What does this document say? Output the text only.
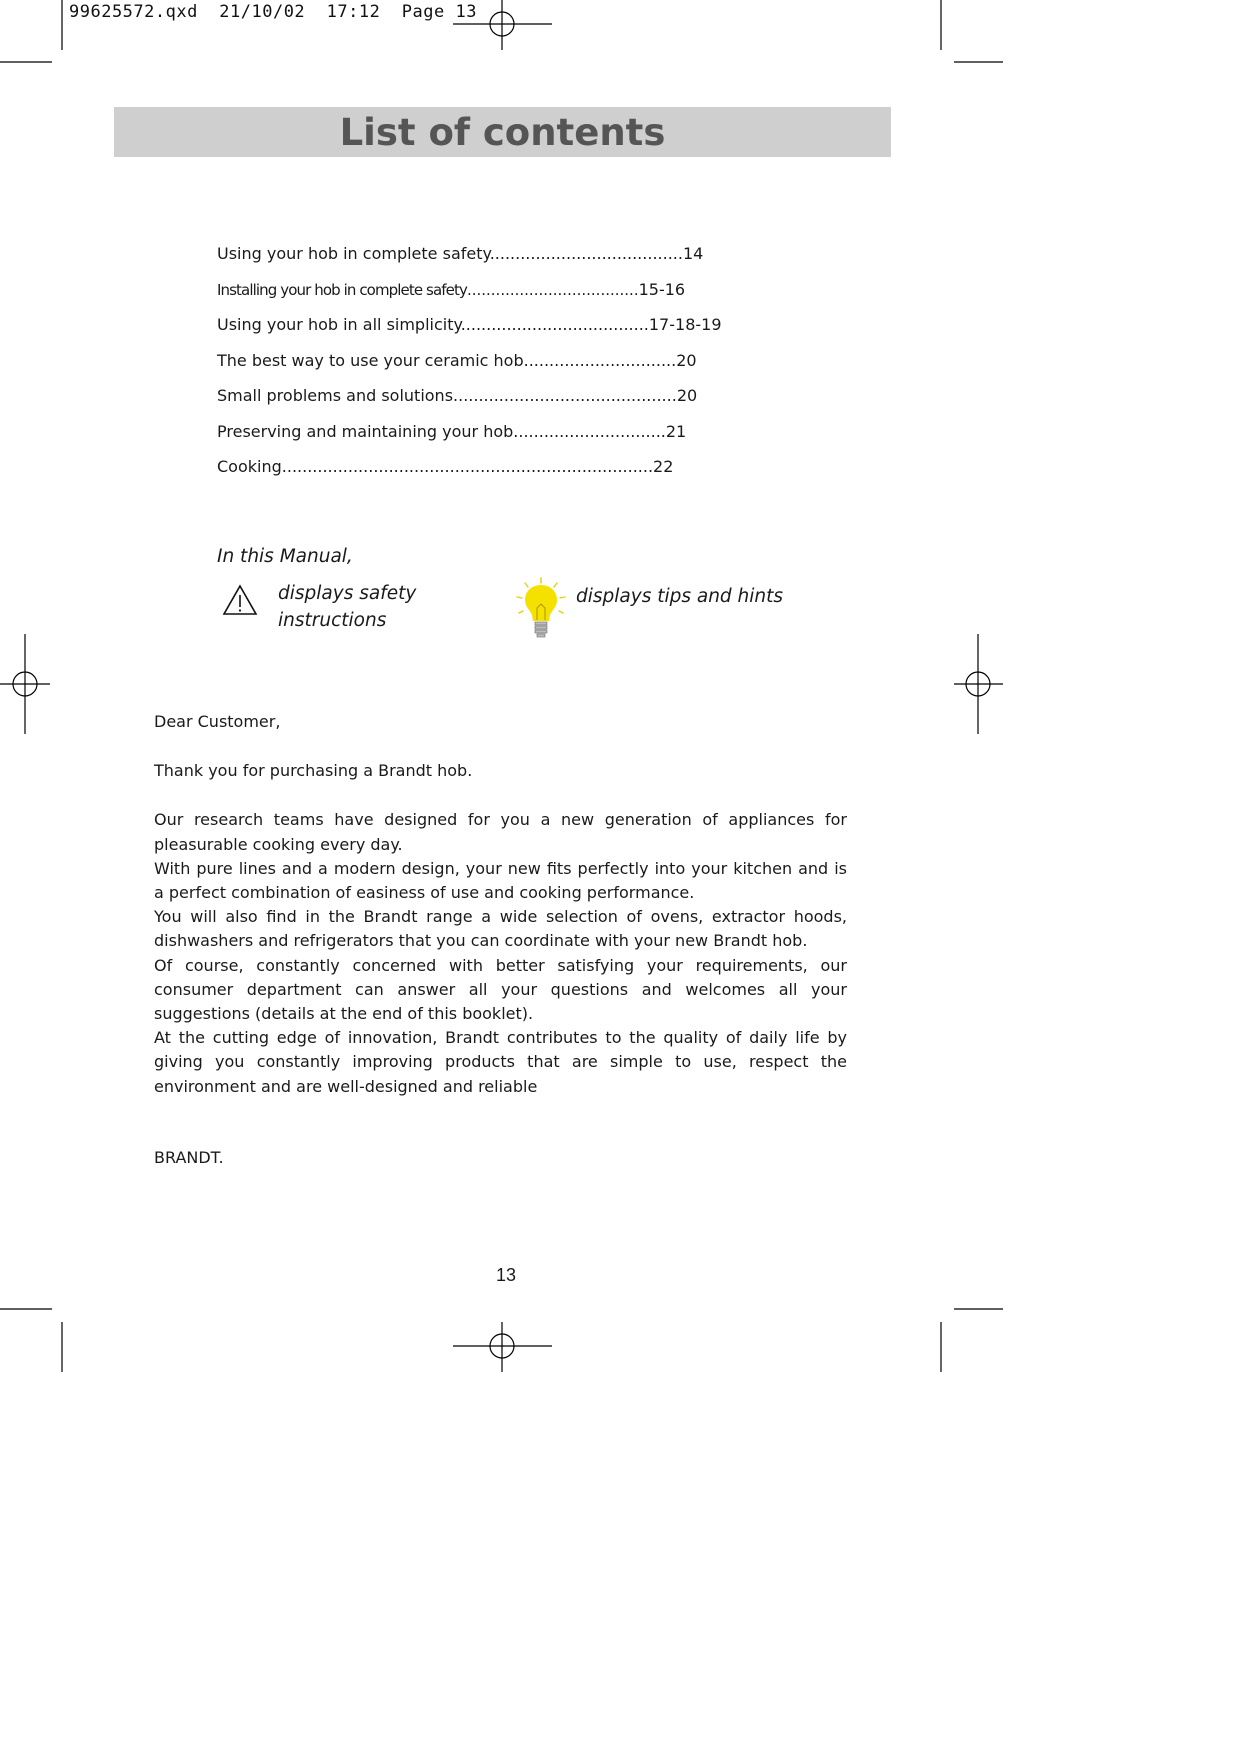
99625572.qxd  21/10/02  17:12  Page 13
List of contents
Using your hob in complete safety......................................14
Installing your hob in complete safety....................................15-16
Using your hob in all simplicity.....................................17-18-19
The best way to use your ceramic hob..............................20
Small problems and solutions............................................20
Preserving and maintaining your hob..............................21
Cooking.........................................................................22
In this Manual,
displays safety
instructions
displays tips and hints

Dear Customer,

Thank you for purchasing a Brandt hob.

Our research teams have designed for you a new generation of appliances for pleasurable cooking every day.

With pure lines and a modern design, your new fits perfectly into your kitchen and is a perfect combination of easiness of use and cooking performance.

You will also find in the Brandt range a wide selection of ovens, extractor hoods, dishwashers and refrigerators that you can coordinate with your new Brandt hob.

Of course, constantly concerned with better satisfying your requirements, our consumer department can answer all your questions and welcomes all your suggestions (details at the end of this booklet).

At the cutting edge of innovation, Brandt contributes to the quality of daily life by giving you constantly improving products that are simple to use, respect the environment and are well-designed and reliable

BRANDT.
13
